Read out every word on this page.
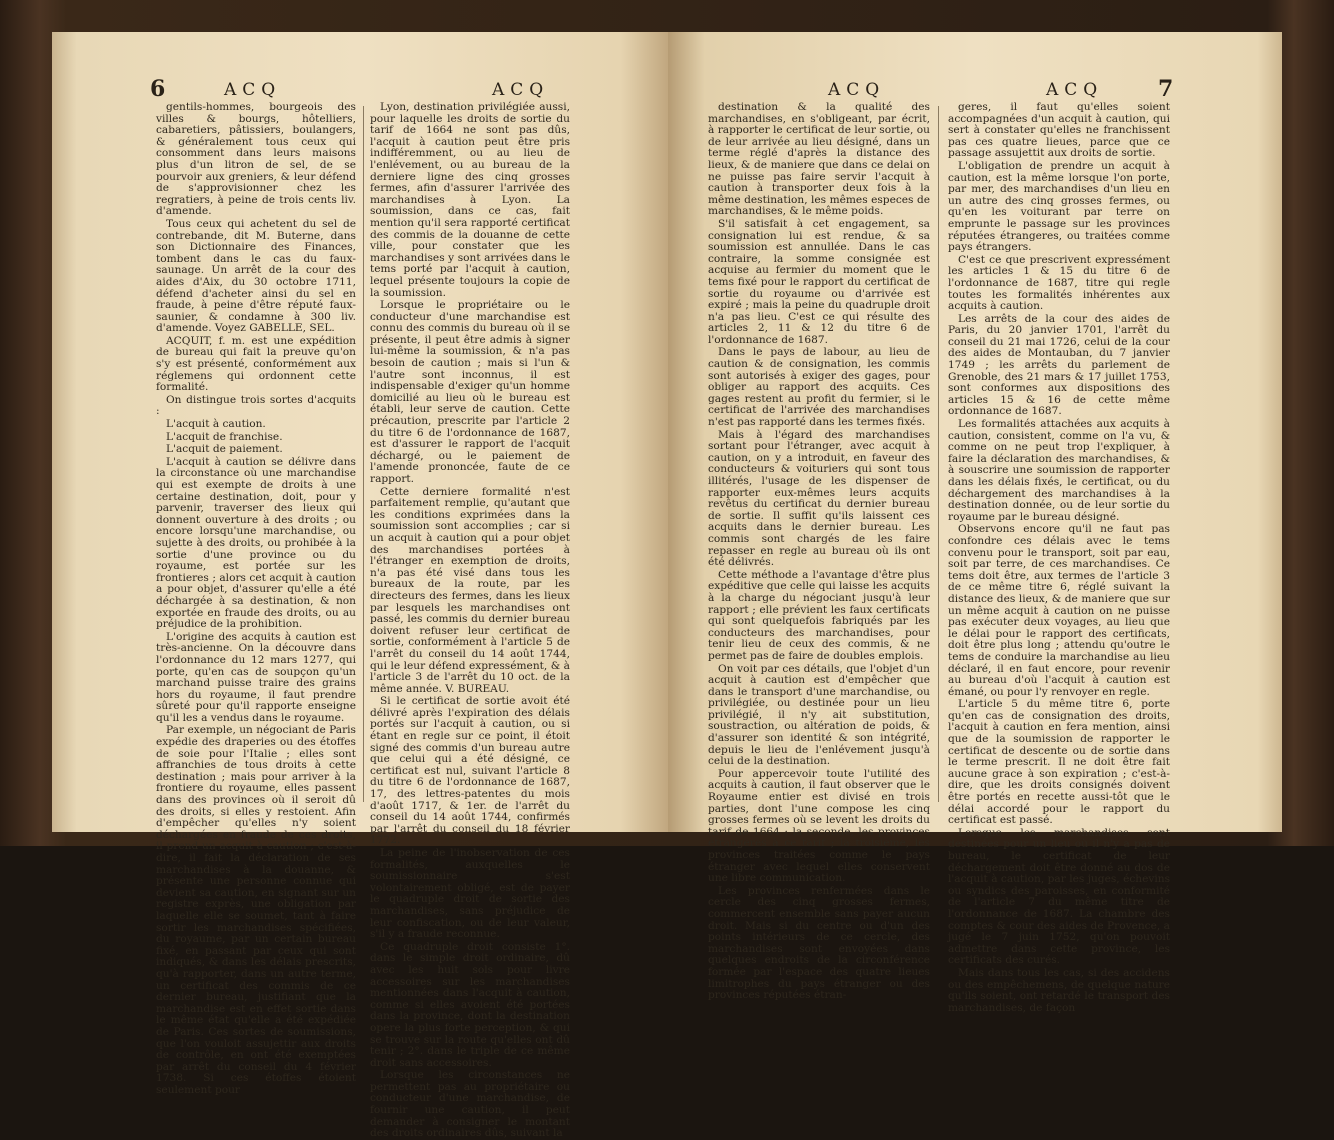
6	ACQ	ACQ

gentils-hommes, bourgeois des villes & bourgs, hôtelliers, cabaretiers, pâtissiers, boulangers, & généralement tous ceux qui consomment dans leurs maisons plus d'un litron de sel, de se pourvoir aux greniers, & leur défend de s'approvisionner chez les regratiers, à peine de trois cents liv. d'amende.

Tous ceux qui achetent du sel de contrebande, dit M. Buterne, dans son Dictionnaire des Finances, tombent dans le cas du faux-saunage. Un arrêt de la cour des aides d'Aix, du 30 octobre 1711, défend d'acheter ainsi du sel en fraude, à peine d'être réputé faux-saunier, & condamne à 300 liv. d'amende. Voyez GABELLE, SEL.

ACQUIT, f. m. est une expédition de bureau qui fait la preuve qu'on s'y est présenté, conformément aux réglemens qui ordonnent cette formalité.

On distingue trois sortes d'acquits :

L'acquit à caution.

L'acquit de franchise.

L'acquit de paiement.

L'acquit à caution se délivre dans la circonstance où une marchandise qui est exempte de droits à une certaine destination, doit, pour y parvenir, traverser des lieux qui donnent ouverture à des droits ; ou encore lorsqu'une marchandise, ou sujette à des droits, ou prohibée à la sortie d'une province ou du royaume, est portée sur les frontieres ; alors cet acquit à caution a pour objet, d'assurer qu'elle a été déchargée à sa destination, & non exportée en fraude des droits, ou au préjudice de la prohibition.

L'origine des acquits à caution est très-ancienne. On la découvre dans l'ordonnance du 12 mars 1277, qui porte, qu'en cas de soupçon qu'un marchand puisse traire des grains hors du royaume, il faut prendre sûreté pour qu'il rapporte enseigne qu'il les a vendus dans le royaume.

Par exemple, un négociant de Paris expédie des draperies ou des étoffes de soie pour l'Italie ; elles sont affranchies de tous droits à cette destination ; mais pour arriver à la frontiere du royaume, elles passent dans des provinces où il seroit dû des droits, si elles y restoient. Afin d'empêcher qu'elles n'y soient déchargées en fraude de ces droits, il prend un acquit à caution ; c'est-à-dire, il fait la déclaration de ses marchandises à la douanne, & présente une personne connue qui devient sa caution, en signant sur un registre exprès, une obligation par laquelle elle se soumet, tant à faire sortir les marchandises spécifiées, du royaume, par un certain bureau fixé, en passant par ceux qui sont indiqués, & dans les délais prescrits, qu'à rapporter, dans un autre terme, un certificat des commis de ce dernier bureau, justifiant que la marchandise est en effet sortie dans le même état qu'elle a été expédiée de Paris. Ces sortes de soumissions, que l'on vouloit assujettir aux droits de contrôle, en ont été exemptées par arrêt du conseil du 4 février 1738. Si ces étoffes étoient seulement pour

Lyon, destination privilégiée aussi, pour laquelle les droits de sortie du tarif de 1664 ne sont pas dûs, l'acquit à caution peut être pris indifféremment, ou au lieu de l'enlévement, ou au bureau de la derniere ligne des cinq grosses fermes, afin d'assurer l'arrivée des marchandises à Lyon. La soumission, dans ce cas, fait mention qu'il sera rapporté certificat des commis de la douanne de cette ville, pour constater que les marchandises y sont arrivées dans le tems porté par l'acquit à caution, lequel présente toujours la copie de la soumission.

Lorsque le propriétaire ou le conducteur d'une marchandise est connu des commis du bureau où il se présente, il peut être admis à signer lui-même la soumission, & n'a pas besoin de caution ; mais si l'un & l'autre sont inconnus, il est indispensable d'exiger qu'un homme domicilié au lieu où le bureau est établi, leur serve de caution. Cette précaution, prescrite par l'article 2 du titre 6 de l'ordonnance de 1687, est d'assurer le rapport de l'acquit déchargé, ou le paiement de l'amende prononcée, faute de ce rapport.

Cette derniere formalité n'est parfaitement remplie, qu'autant que les conditions exprimées dans la soumission sont accomplies ; car si un acquit à caution qui a pour objet des marchandises portées à l'étranger en exemption de droits, n'a pas été visé dans tous les bureaux de la route, par les directeurs des fermes, dans les lieux par lesquels les marchandises ont passé, les commis du dernier bureau doivent refuser leur certificat de sortie, conformément à l'article 5 de l'arrêt du conseil du 14 août 1744, qui le leur défend expressément, & à l'article 3 de l'arrêt du 10 oct. de la même année. V. BUREAU.

Si le certificat de sortie avoit été délivré après l'expiration des délais portés sur l'acquit à caution, ou si étant en regle sur ce point, il étoit signé des commis d'un bureau autre que celui qui a été désigné, ce certificat est nul, suivant l'article 8 du titre 6 de l'ordonnance de 1687, 17, des lettres-patentes du mois d'août 1717, & 1er. de l'arrêt du conseil du 14 août 1744, confirmés par l'arrêt du conseil du 18 février 1772.

La peine de l'inobservation de ces formalités, auxquelles le soumissionnaire s'est volontairement obligé, est de payer le quadruple droit de sortie des marchandises, sans préjudice de leur confiscation, ou de leur valeur, s'il y a fraude reconnue.

Ce quadruple droit consiste 1°. dans le simple droit ordinaire, dû avec les huit sols pour livre accessoires sur les marchandises mentionnées dans l'acquit à caution, comme si elles avoient été portées dans la province, dont la destination opere la plus forte perception, & qui se trouve sur la route qu'elles ont dû tenir ; 2°. dans le triple de ce même droit sans accessoires.

Lorsque les circonstances ne permettent pas au propriétaire ou conducteur d'une marchandise, de fournir une caution, il peut demander à consigner le montant des droits ordinaires dûs, suivant la

7
ACQ	ACQ

destination & la qualité des marchandises, en s'obligeant, par écrit, à rapporter le certificat de leur sortie, ou de leur arrivée au lieu désigné, dans un terme réglé d'après la distance des lieux, & de maniere que dans ce delai on ne puisse pas faire servir l'acquit à caution à transporter deux fois à la même destination, les mêmes especes de marchandises, & le même poids.

S'il satisfait à cet engagement, sa consignation lui est rendue, & sa soumission est annullée. Dans le cas contraire, la somme consignée est acquise au fermier du moment que le tems fixé pour le rapport du certificat de sortie du royaume ou d'arrivée est expiré ; mais la peine du quadruple droit n'a pas lieu. C'est ce qui résulte des articles 2, 11 & 12 du titre 6 de l'ordonnance de 1687.

Dans le pays de labour, au lieu de caution & de consignation, les commis sont autorisés à exiger des gages, pour obliger au rapport des acquits. Ces gages restent au profit du fermier, si le certificat de l'arrivée des marchandises n'est pas rapporté dans les termes fixés.

Mais à l'égard des marchandises sortant pour l'étranger, avec acquit à caution, on y a introduit, en faveur des conducteurs & voituriers qui sont tous illitérés, l'usage de les dispenser de rapporter eux-mêmes leurs acquits revêtus du certificat du dernier bureau de sortie. Il suffit qu'ils laissent ces acquits dans le dernier bureau. Les commis sont chargés de les faire repasser en regle au bureau où ils ont été délivrés.

Cette méthode a l'avantage d'être plus expéditive que celle qui laisse les acquits à la charge du négociant jusqu'à leur rapport ; elle prévient les faux certificats qui sont quelquefois fabriqués par les conducteurs des marchandises, pour tenir lieu de ceux des commis, & ne permet pas de faire de doubles emplois.

On voit par ces détails, que l'objet d'un acquit à caution est d'empêcher que dans le transport d'une marchandise, ou privilégiée, ou destinée pour un lieu privilégié, il n'y ait substitution, soustraction, ou altération de poids, & d'assurer son identité & son intégrité, depuis le lieu de l'enlévement jusqu'à celui de la destination.

Pour appercevoir toute l'utilité des acquits à caution, il faut observer que le Royaume entier est divisé en trois parties, dont l'une compose les cinq grosses fermes où se levent les droits du tarif de 1664 ; la seconde, les provinces étrangeres à ce tarif ; la troisieme, les provinces traitées comme le pays étranger avec lequel elles conservent une libre communication.

Les provinces renfermées dans le cercle des cinq grosses fermes, commercent ensemble sans payer aucun droit. Mais si du centre ou d'un des points intérieurs de ce cercle, des marchandises sont envoyées dans quelques endroits de la circonférence formée par l'espace des quatre lieues limitrophes du pays étranger ou des provinces réputées étran-

geres, il faut qu'elles soient accompagnées d'un acquit à caution, qui sert à constater qu'elles ne franchissent pas ces quatre lieues, parce que ce passage assujettit aux droits de sortie.

L'obligation de prendre un acquit à caution, est la même lorsque l'on porte, par mer, des marchandises d'un lieu en un autre des cinq grosses fermes, ou qu'en les voiturant par terre on emprunte le passage sur les provinces réputées étrangeres, ou traitées comme pays étrangers.

C'est ce que prescrivent expressément les articles 1 & 15 du titre 6 de l'ordonnance de 1687, titre qui regle toutes les formalités inhérentes aux acquits à caution.

Les arrêts de la cour des aides de Paris, du 20 janvier 1701, l'arrêt du conseil du 21 mai 1726, celui de la cour des aides de Montauban, du 7 janvier 1749 ; les arrêts du parlement de Grenoble, des 21 mars & 17 juillet 1753, sont conformes aux dispositions des articles 15 & 16 de cette même ordonnance de 1687.

Les formalités attachées aux acquits à caution, consistent, comme on l'a vu, & comme on ne peut trop l'expliquer, à faire la déclaration des marchandises, & à souscrire une soumission de rapporter dans les délais fixés, le certificat, ou du déchargement des marchandises à la destination donnée, ou de leur sortie du royaume par le bureau désigné.

Observons encore qu'il ne faut pas confondre ces délais avec le tems convenu pour le transport, soit par eau, soit par terre, de ces marchandises. Ce tems doit être, aux termes de l'article 3 de ce même titre 6, réglé suivant la distance des lieux, & de maniere que sur un même acquit à caution on ne puisse pas exécuter deux voyages, au lieu que le délai pour le rapport des certificats, doit être plus long ; attendu qu'outre le tems de conduire la marchandise au lieu déclaré, il en faut encore, pour revenir au bureau d'où l'acquit à caution est émané, ou pour l'y renvoyer en regle.

L'article 5 du même titre 6, porte qu'en cas de consignation des droits, l'acquit à caution en fera mention, ainsi que de la soumission de rapporter le certificat de descente ou de sortie dans le terme prescrit. Il ne doit être fait aucune grace à son expiration ; c'est-à-dire, que les droits consignés doivent être portés en recette aussi-tôt que le délai accordé pour le rapport du certificat est passé.

Lorsque les marchandises sont destinées pour un lieu où il n'y a pas de bureau, le certificat de leur déchargement doit être donné au dos de l'acquit à caution, par les juges, échevins ou syndics des paroisses, en conformité de l'article 7 du même titre de l'ordonnance de 1687. La chambre des comptes & cour des aides de Provence, a jugé le 7 juin 1752, qu'on pouvoit admettre dans cette province, les certificats des curés.

Mais dans tous les cas, si des accidens ou des empêchemens, de quelque nature qu'ils soient, ont retardé le transport des marchandises, de façon
